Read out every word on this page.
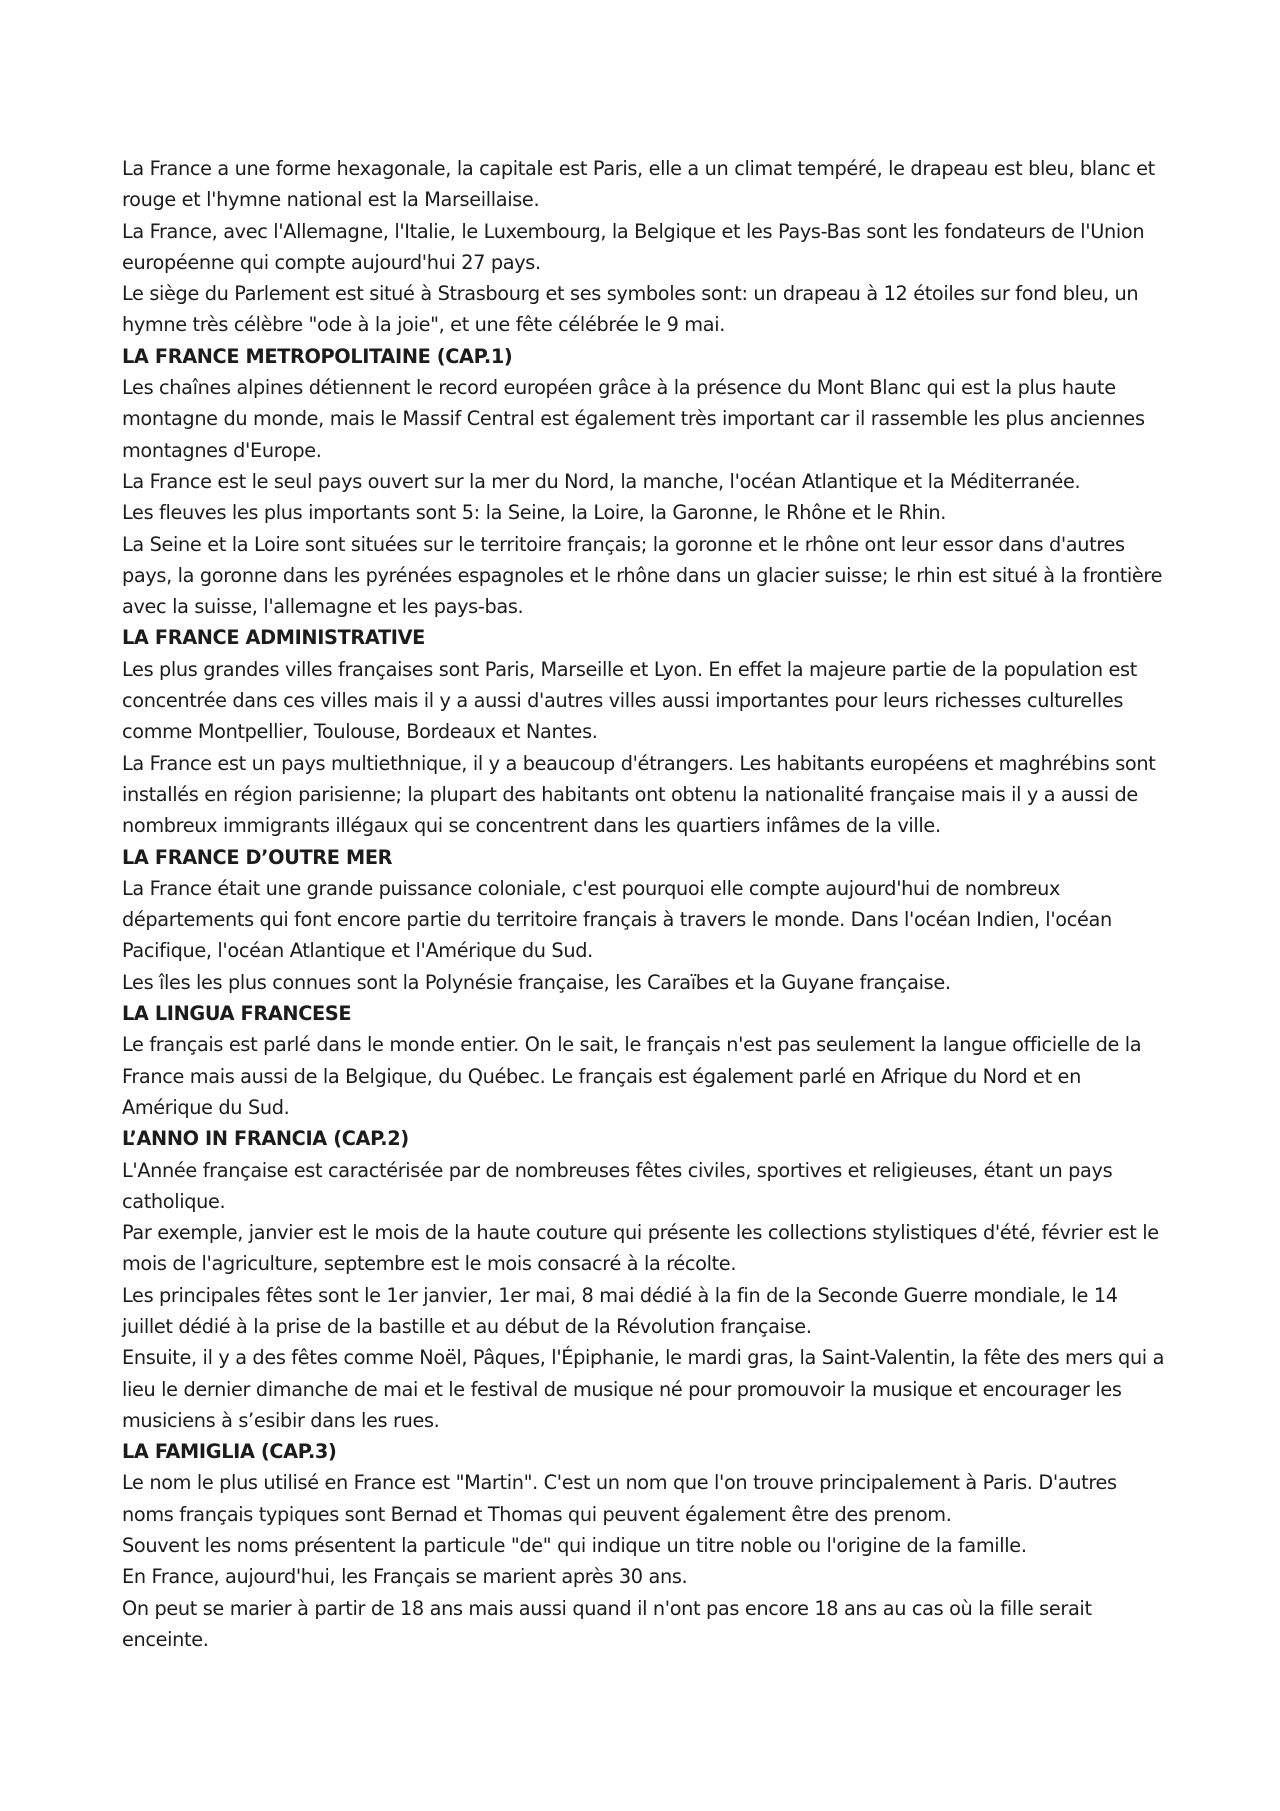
La France a une forme hexagonale, la capitale est Paris, elle a un climat tempéré, le drapeau est bleu, blanc et rouge et l'hymne national est la Marseillaise.

La France, avec l'Allemagne, l'Italie, le Luxembourg, la Belgique et les Pays-Bas sont les fondateurs de l'Union européenne qui compte aujourd'hui 27 pays.

Le siège du Parlement est situé à Strasbourg et ses symboles sont: un drapeau à 12 étoiles sur fond bleu, un hymne très célèbre "ode à la joie", et une fête célébrée le 9 mai.

LA FRANCE METROPOLITAINE (CAP.1)

Les chaînes alpines détiennent le record européen grâce à la présence du Mont Blanc qui est la plus haute montagne du monde, mais le Massif Central est également très important car il rassemble les plus anciennes montagnes d'Europe.

La France est le seul pays ouvert sur la mer du Nord, la manche, l'océan Atlantique et la Méditerranée.

Les fleuves les plus importants sont 5: la Seine, la Loire, la Garonne, le Rhône et le Rhin.

La Seine et la Loire sont situées sur le territoire français; la goronne et le rhône ont leur essor dans d'autres pays, la goronne dans les pyrénées espagnoles et le rhône dans un glacier suisse; le rhin est situé à la frontière avec la suisse, l'allemagne et les pays-bas.

LA FRANCE ADMINISTRATIVE

Les plus grandes villes françaises sont Paris, Marseille et Lyon. En effet la majeure partie de la population est concentrée dans ces villes mais il y a aussi d'autres villes aussi importantes pour leurs richesses culturelles comme Montpellier, Toulouse, Bordeaux et Nantes.

La France est un pays multiethnique, il y a beaucoup d'étrangers. Les habitants européens et maghrébins sont installés en région parisienne; la plupart des habitants ont obtenu la nationalité française mais il y a aussi de nombreux immigrants illégaux qui se concentrent dans les quartiers infâmes de la ville.

LA FRANCE D’OUTRE MER

La France était une grande puissance coloniale, c'est pourquoi elle compte aujourd'hui de nombreux départements qui font encore partie du territoire français à travers le monde. Dans l'océan Indien, l'océan Pacifique, l'océan Atlantique et l'Amérique du Sud.

Les îles les plus connues sont la Polynésie française, les Caraïbes et la Guyane française.

LA LINGUA FRANCESE

Le français est parlé dans le monde entier. On le sait, le français n'est pas seulement la langue officielle de la France mais aussi de la Belgique, du Québec. Le français est également parlé en Afrique du Nord et en Amérique du Sud.

L’ANNO IN FRANCIA (CAP.2)

L'Année française est caractérisée par de nombreuses fêtes civiles, sportives et religieuses, étant un pays catholique.

Par exemple, janvier est le mois de la haute couture qui présente les collections stylistiques d'été, février est le mois de l'agriculture, septembre est le mois consacré à la récolte.

Les principales fêtes sont le 1er janvier, 1er mai, 8 mai dédié à la fin de la Seconde Guerre mondiale, le 14 juillet dédié à la prise de la bastille et au début de la Révolution française.

Ensuite, il y a des fêtes comme Noël, Pâques, l'Épiphanie, le mardi gras, la Saint-Valentin, la fête des mers qui a lieu le dernier dimanche de mai et le festival de musique né pour promouvoir la musique et encourager les musiciens à s’esibir dans les rues.

LA FAMIGLIA (CAP.3)

Le nom le plus utilisé en France est "Martin". C'est un nom que l'on trouve principalement à Paris. D'autres noms français typiques sont Bernad et Thomas qui peuvent également être des prenom.

Souvent les noms présentent la particule "de" qui indique un titre noble ou l'origine de la famille.

En France, aujourd'hui, les Français se marient après 30 ans.

On peut se marier à partir de 18 ans mais aussi quand il n'ont pas encore 18 ans au cas où la fille serait enceinte.
